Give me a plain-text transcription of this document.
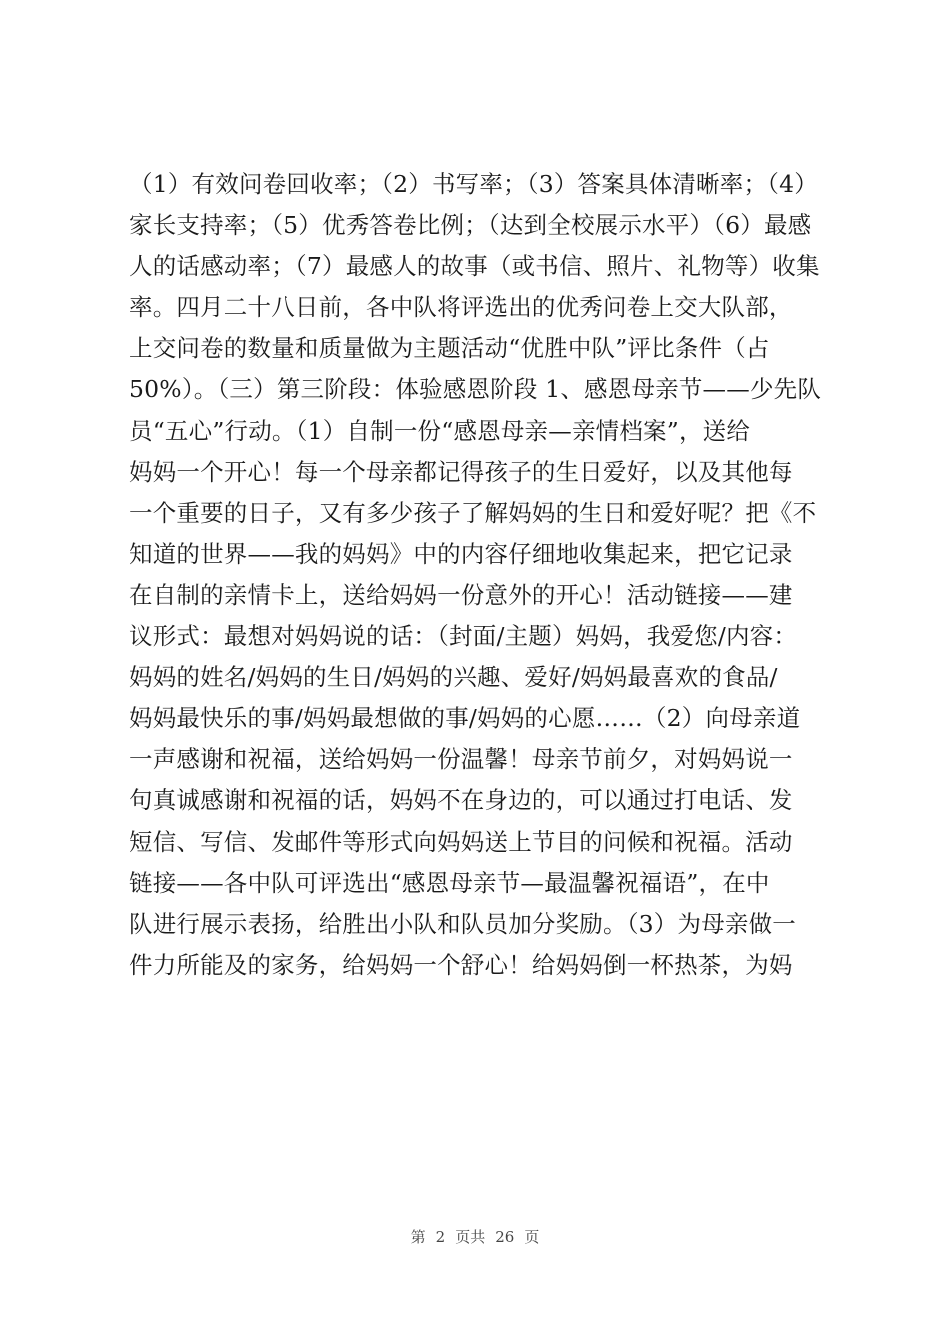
（1）有效问卷回收率；（2）书写率；（3）答案具体清晰率；（4）
家长支持率；（5）优秀答卷比例；（达到全校展示水平）（6）最感
人的话感动率；（7）最感人的故事（或书信、照片、礼物等）收集
率。四月二十八日前，各中队将评选出的优秀问卷上交大队部，
上交问卷的数量和质量做为主题活动“优胜中队”评比条件（占
50%）。（三）第三阶段：体验感恩阶段 1、感恩母亲节——少先队
员“五心”行动。（1）自制一份“感恩母亲—亲情档案”，送给
妈妈一个开心！每一个母亲都记得孩子的生日爱好，以及其他每
一个重要的日子，又有多少孩子了解妈妈的生日和爱好呢？把《不
知道的世界——我的妈妈》中的内容仔细地收集起来，把它记录
在自制的亲情卡上，送给妈妈一份意外的开心！活动链接——建
议形式：最想对妈妈说的话：（封面/主题）妈妈，我爱您/内容：
妈妈的姓名/妈妈的生日/妈妈的兴趣、爱好/妈妈最喜欢的食品/
妈妈最快乐的事/妈妈最想做的事/妈妈的心愿……（2）向母亲道
一声感谢和祝福，送给妈妈一份温馨！母亲节前夕，对妈妈说一
句真诚感谢和祝福的话，妈妈不在身边的，可以通过打电话、发
短信、写信、发邮件等形式向妈妈送上节目的问候和祝福。活动
链接——各中队可评选出“感恩母亲节—最温馨祝福语”，在中
队进行展示表扬，给胜出小队和队员加分奖励。（3）为母亲做一
件力所能及的家务，给妈妈一个舒心！给妈妈倒一杯热茶，为妈
第 2 页共 26 页
